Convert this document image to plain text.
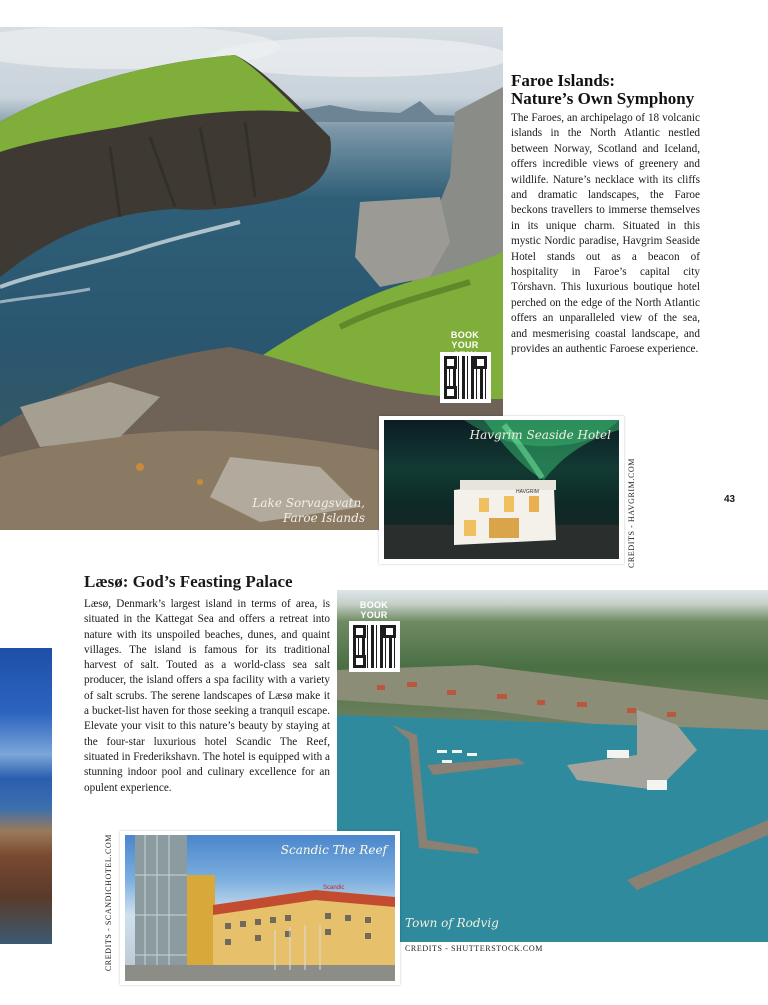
BOOK YOUR
Lake Sorvagsvatn,
Faroe Islands
Faroe Islands:
Nature’s Own Symphony

The Faroes, an archipelago of 18 volcanic islands in the North Atlantic nestled between Norway, Scotland and Iceland, offers incredible views of greenery and wildlife. Nature’s necklace with its cliffs and dramatic landscapes, the Faroe beckons travellers to immerse themselves in its unique charm. Situated in this mystic Nordic paradise, Havgrim Seaside Hotel stands out as a beacon of hospitality in Faroe’s capital city Tórshavn. This luxurious boutique hotel perched on the edge of the North Atlantic offers an unparalleled view of the sea, and mesmerising coastal landscape, and provides an authentic Faroese experience.

HAVGRIM
Havgrim Seaside Hotel
CREDITS - HAVGRIM.COM	43
Læsø: God’s Feasting Palace

Læsø, Denmark’s largest island in terms of area, is situated in the Kattegat Sea and offers a retreat into nature with its unspoiled beaches, dunes, and quaint villages. The island is famous for its traditional harvest of salt. Touted as a world-class sea salt producer, the island offers a spa facility with a variety of salt scrubs. The serene landscapes of Læsø make it a bucket-list haven for those seeking a tranquil escape. Elevate your visit to this nature’s beauty by staying at the four-star luxurious hotel Scandic The Reef, situated in Frederikshavn. The hotel is equipped with a stunning indoor pool and culinary excellence for an opulent experience.

Town of Rodvig
BOOK YOUR
CREDITS - SHUTTERSTOCK.COM
Scandic
Scandic The Reef
CREDITS - SCANDICHOTEL.COM
